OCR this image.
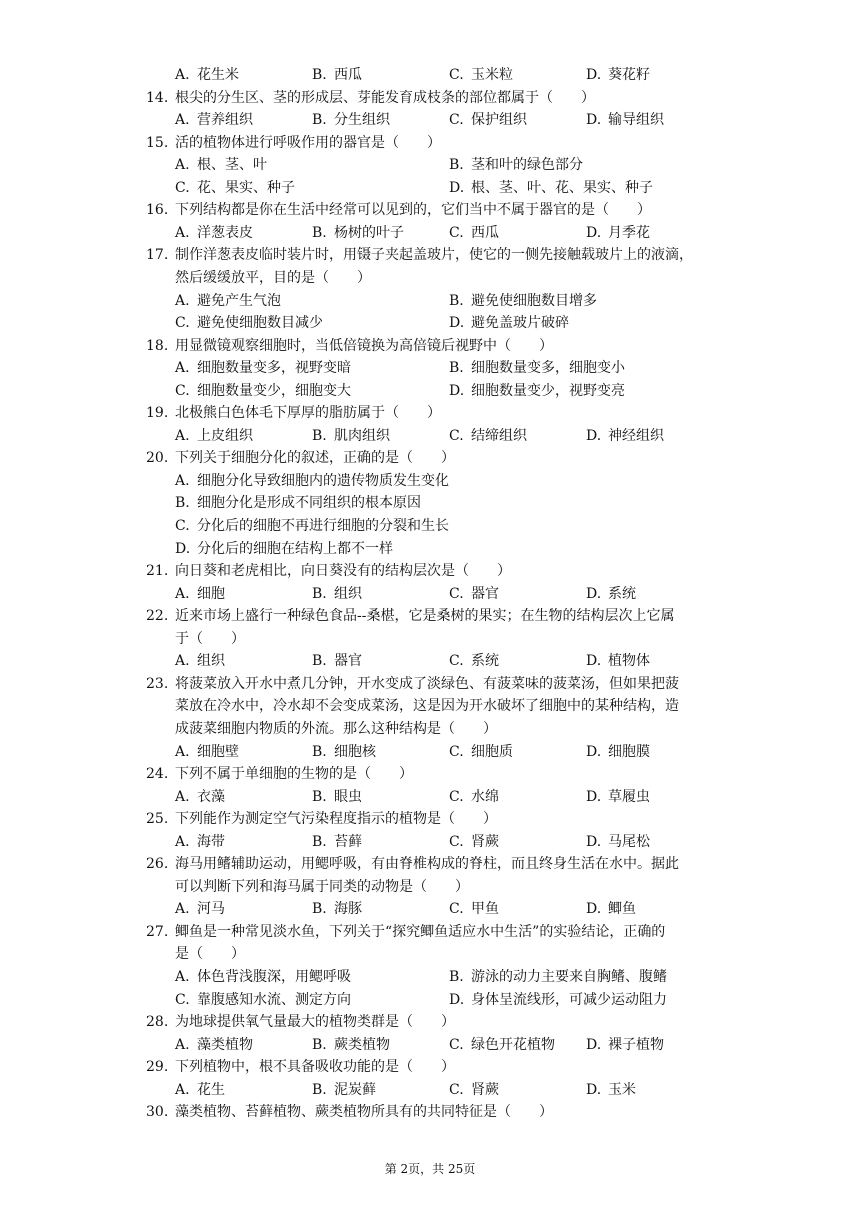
A. 花生米	B. 西瓜	C. 玉米粒	D. 葵花籽
14. 根尖的分生区、茎的形成层、芽能发育成枝条的部位都属于（　　）
A. 营养组织	B. 分生组织	C. 保护组织	D. 输导组织
15. 活的植物体进行呼吸作用的器官是（　　）
A. 根、茎、叶	B. 茎和叶的绿色部分
C. 花、果实、种子	D. 根、茎、叶、花、果实、种子
16. 下列结构都是你在生活中经常可以见到的，它们当中不属于器官的是（　　）
A. 洋葱表皮	B. 杨树的叶子	C. 西瓜	D. 月季花
17. 制作洋葱表皮临时装片时，用镊子夹起盖玻片，使它的一侧先接触载玻片上的液滴，
然后缓缓放平，目的是（　　）
A. 避免产生气泡	B. 避免使细胞数目增多
C. 避免使细胞数目减少	D. 避免盖玻片破碎
18. 用显微镜观察细胞时，当低倍镜换为高倍镜后视野中（　　）
A. 细胞数量变多，视野变暗	B. 细胞数量变多，细胞变小
C. 细胞数量变少，细胞变大	D. 细胞数量变少，视野变亮
19. 北极熊白色体毛下厚厚的脂肪属于（　　）
A. 上皮组织	B. 肌肉组织	C. 结缔组织	D. 神经组织
20. 下列关于细胞分化的叙述，正确的是（　　）
A. 细胞分化导致细胞内的遗传物质发生变化
B. 细胞分化是形成不同组织的根本原因
C. 分化后的细胞不再进行细胞的分裂和生长
D. 分化后的细胞在结构上都不一样
21. 向日葵和老虎相比，向日葵没有的结构层次是（　　）
A. 细胞	B. 组织	C. 器官	D. 系统
22. 近来市场上盛行一种绿色食品--桑椹，它是桑树的果实；在生物的结构层次上它属
于（　　）
A. 组织	B. 器官	C. 系统	D. 植物体
23. 将菠菜放入开水中煮几分钟，开水变成了淡绿色、有菠菜味的菠菜汤，但如果把菠
菜放在冷水中，冷水却不会变成菜汤，这是因为开水破坏了细胞中的某种结构，造
成菠菜细胞内物质的外流。那么这种结构是（　　）
A. 细胞壁	B. 细胞核	C. 细胞质	D. 细胞膜
24. 下列不属于单细胞的生物的是（　　）
A. 衣藻	B. 眼虫	C. 水绵	D. 草履虫
25. 下列能作为测定空气污染程度指示的植物是（　　）
A. 海带	B. 苔藓	C. 肾蕨	D. 马尾松
26. 海马用鳍辅助运动，用鳃呼吸，有由脊椎构成的脊柱，而且终身生活在水中。据此
可以判断下列和海马属于同类的动物是（　　）
A. 河马	B. 海豚	C. 甲鱼	D. 鲫鱼
27. 鲫鱼是一种常见淡水鱼，下列关于“探究鲫鱼适应水中生活”的实验结论，正确的
是（　　）
A. 体色背浅腹深，用鳃呼吸	B. 游泳的动力主要来自胸鳍、腹鳍
C. 靠腹感知水流、测定方向	D. 身体呈流线形，可减少运动阻力
28. 为地球提供氧气量最大的植物类群是（　　）
A. 藻类植物	B. 蕨类植物	C. 绿色开花植物 D. 裸子植物
29. 下列植物中，根不具备吸收功能的是（　　）
A. 花生	B. 泥炭藓	C. 肾蕨	D. 玉米
30. 藻类植物、苔藓植物、蕨类植物所具有的共同特征是（　　）
第 2页，共 25页
